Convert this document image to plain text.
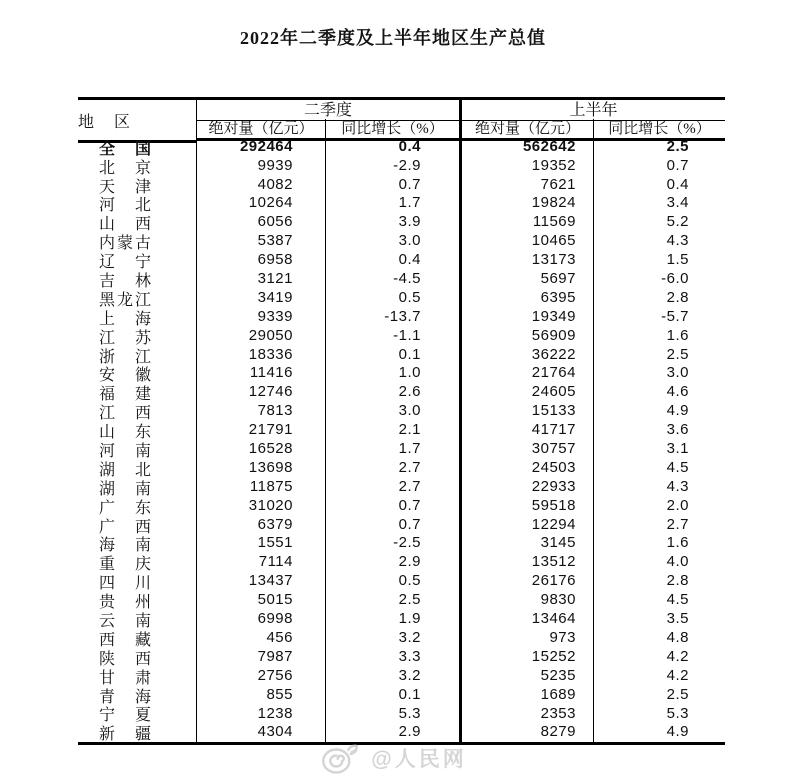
2022年二季度及上半年地区生产总值
地区
二季度	上半年
绝对量（亿元）	同比增长（%）	绝对量（亿元）	同比增长（%）
全国	292464	0.4	562642	2.5
北京	9939	-2.9	19352	0.7
天津	4082	0.7	7621	0.4
河北	10264	1.7	19824	3.4
山西	6056	3.9	11569	5.2
内蒙古	5387	3.0	10465	4.3
辽宁	6958	0.4	13173	1.5
吉林	3121	-4.5	5697	-6.0
黑龙江	3419	0.5	6395	2.8
上海	9339	-13.7	19349	-5.7
江苏	29050	-1.1	56909	1.6
浙江	18336	0.1	36222	2.5
安徽	11416	1.0	21764	3.0
福建	12746	2.6	24605	4.6
江西	7813	3.0	15133	4.9
山东	21791	2.1	41717	3.6
河南	16528	1.7	30757	3.1
湖北	13698	2.7	24503	4.5
湖南	11875	2.7	22933	4.3
广东	31020	0.7	59518	2.0
广西	6379	0.7	12294	2.7
海南	1551	-2.5	3145	1.6
重庆	7114	2.9	13512	4.0
四川	13437	0.5	26176	2.8
贵州	5015	2.5	9830	4.5
云南	6998	1.9	13464	3.5
西藏	456	3.2	973	4.8
陕西	7987	3.3	15252	4.2
甘肃	2756	3.2	5235	4.2
青海	855	0.1	1689	2.5
宁夏	1238	5.3	2353	5.3
新疆	4304	2.9	8279	4.9
@人民网
